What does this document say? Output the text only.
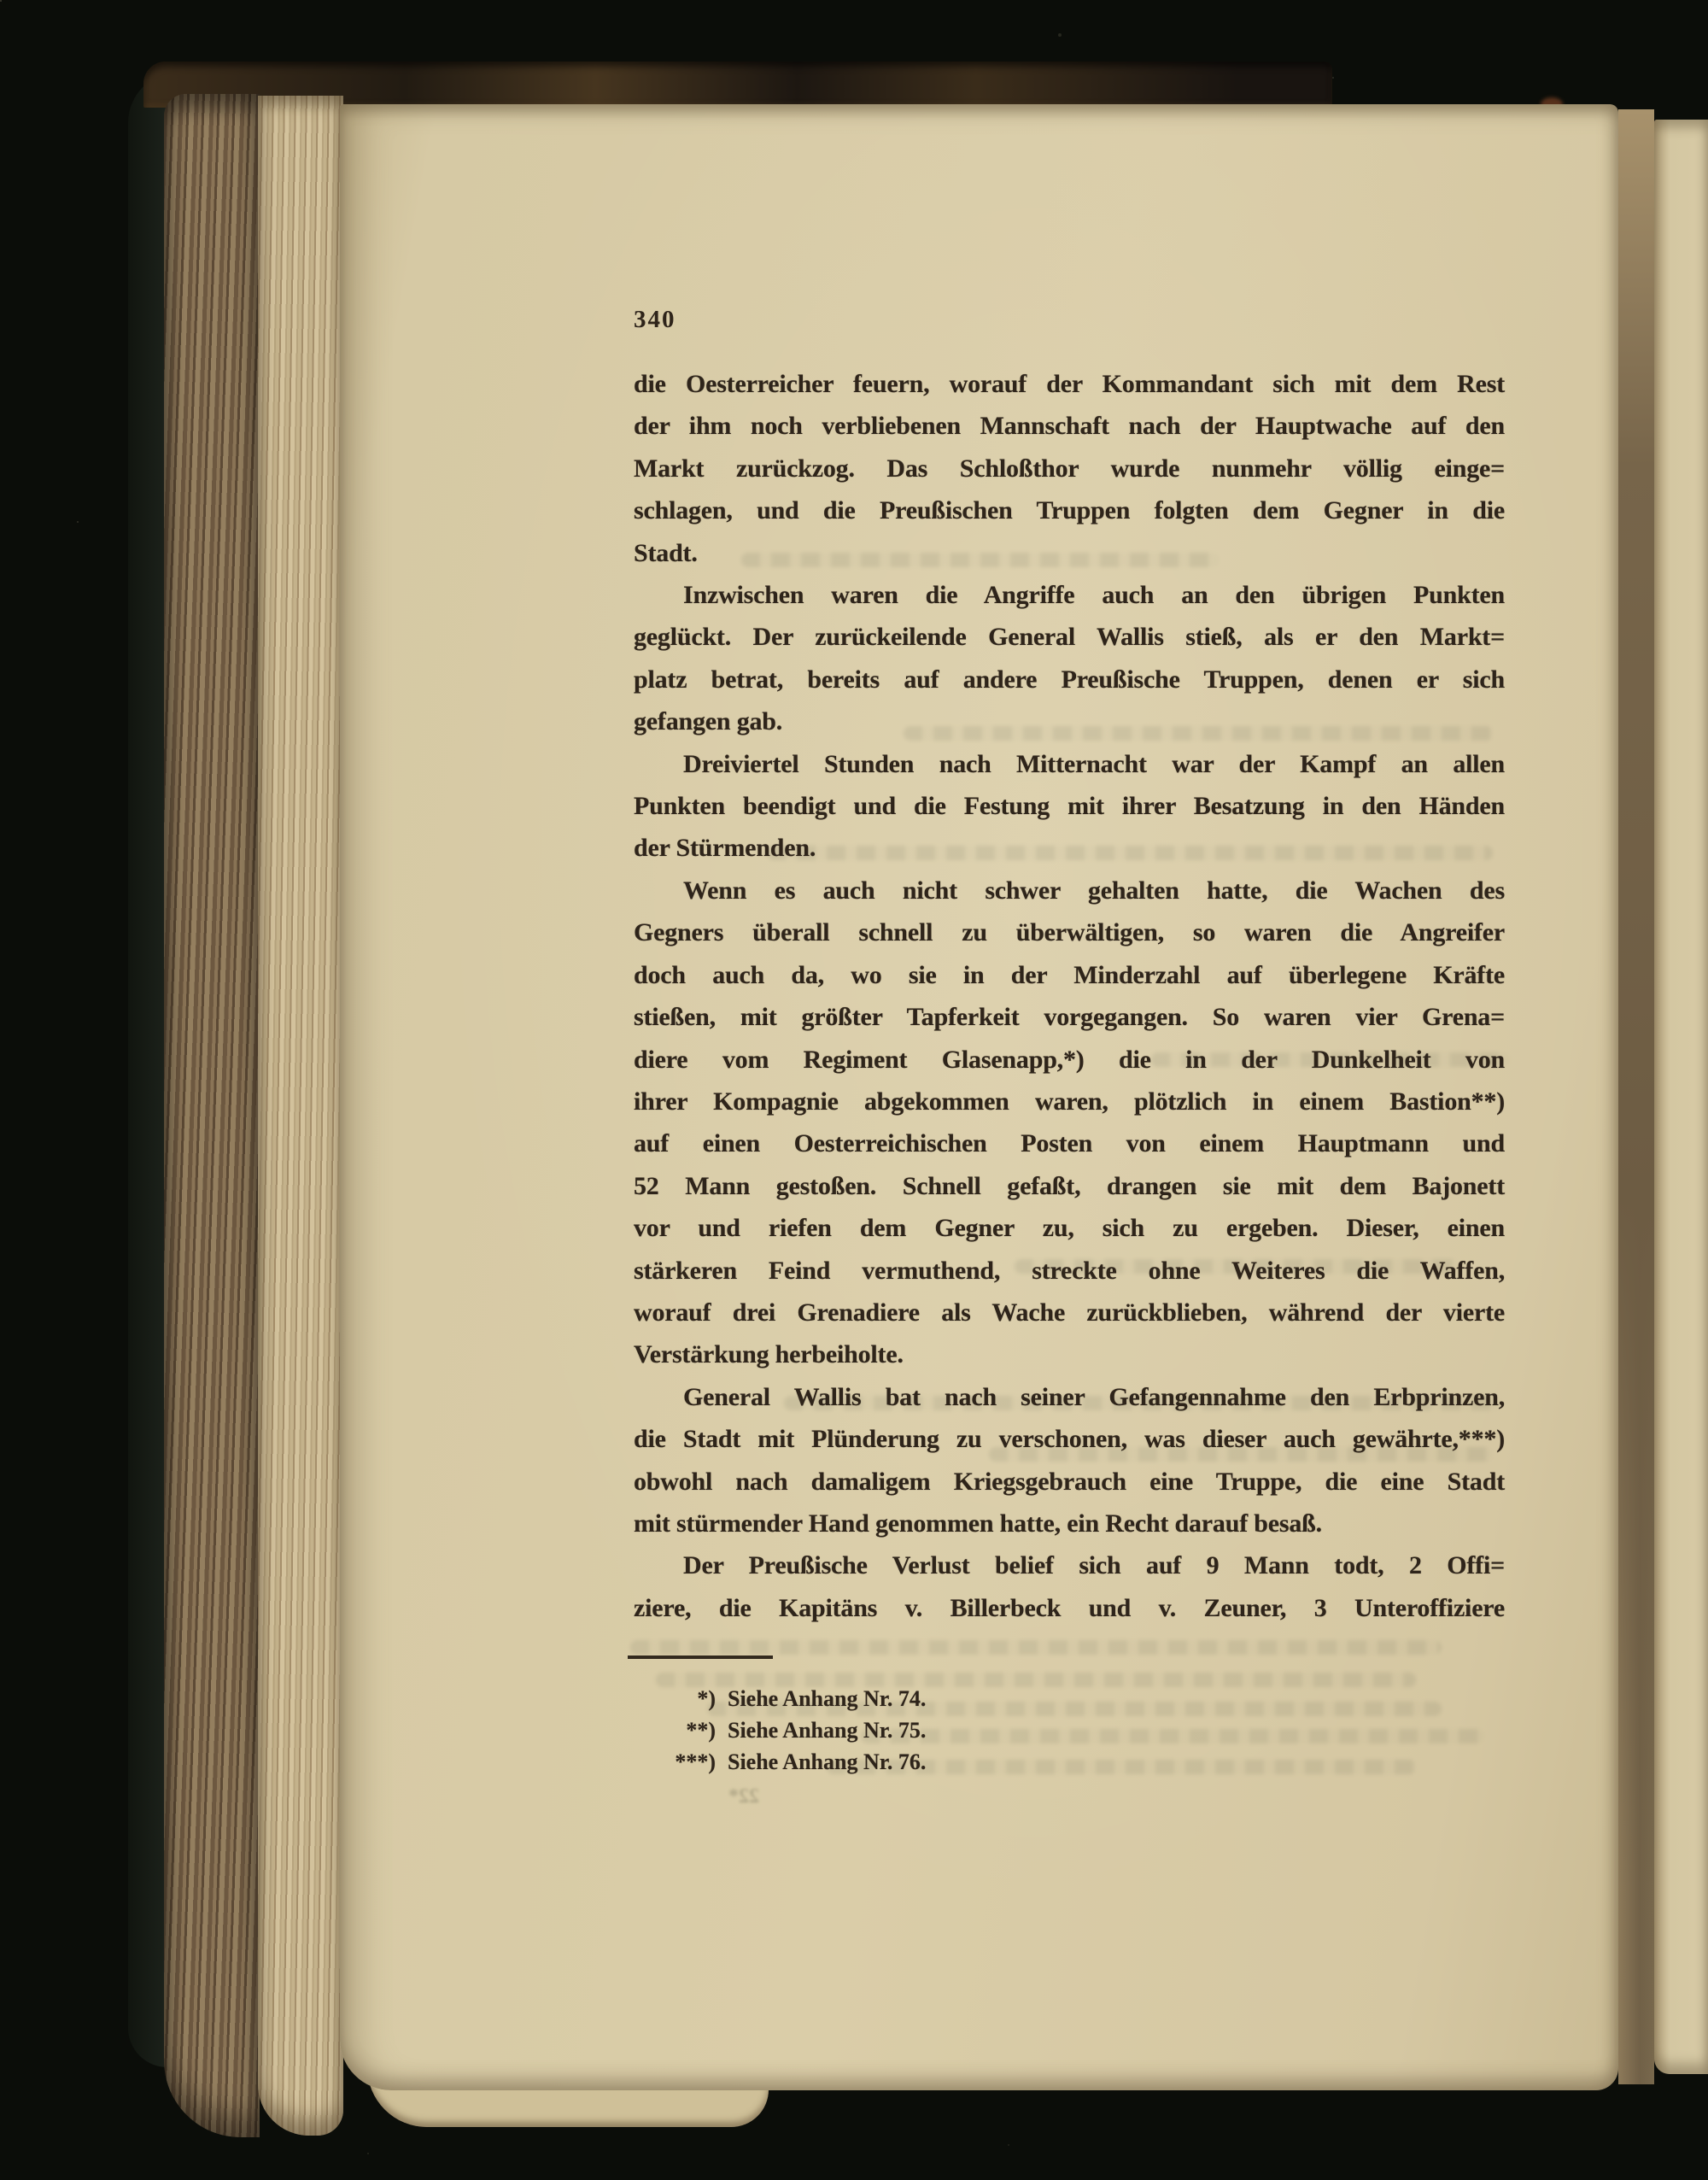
22*
340
die Oesterreicher feuern, worauf der Kommandant sich mit dem Rest
der ihm noch verbliebenen Mannschaft nach der Hauptwache auf den
Markt zurückzog. Das Schloßthor wurde nunmehr völlig einge=
schlagen, und die Preußischen Truppen folgten dem Gegner in die
Stadt.
Inzwischen waren die Angriffe auch an den übrigen Punkten
geglückt. Der zurückeilende General Wallis stieß, als er den Markt=
platz betrat, bereits auf andere Preußische Truppen, denen er sich
gefangen gab.
Dreiviertel Stunden nach Mitternacht war der Kampf an allen
Punkten beendigt und die Festung mit ihrer Besatzung in den Händen
der Stürmenden.
Wenn es auch nicht schwer gehalten hatte, die Wachen des
Gegners überall schnell zu überwältigen, so waren die Angreifer
doch auch da, wo sie in der Minderzahl auf überlegene Kräfte
stießen, mit größter Tapferkeit vorgegangen. So waren vier Grena=
diere vom Regiment Glasenapp,*) die in der Dunkelheit von
ihrer Kompagnie abgekommen waren, plötzlich in einem Bastion**)
auf einen Oesterreichischen Posten von einem Hauptmann und
52 Mann gestoßen. Schnell gefaßt, drangen sie mit dem Bajonett
vor und riefen dem Gegner zu, sich zu ergeben. Dieser, einen
stärkeren Feind vermuthend, streckte ohne Weiteres die Waffen,
worauf drei Grenadiere als Wache zurückblieben, während der vierte
Verstärkung herbeiholte.
General Wallis bat nach seiner Gefangennahme den Erbprinzen,
die Stadt mit Plünderung zu verschonen, was dieser auch gewährte,***)
obwohl nach damaligem Kriegsgebrauch eine Truppe, die eine Stadt
mit stürmender Hand genommen hatte, ein Recht darauf besaß.
Der Preußische Verlust belief sich auf 9 Mann todt, 2 Offi=
ziere, die Kapitäns v. Billerbeck und v. Zeuner, 3 Unteroffiziere
*) Siehe Anhang Nr. 74.
**) Siehe Anhang Nr. 75.
***) Siehe Anhang Nr. 76.
